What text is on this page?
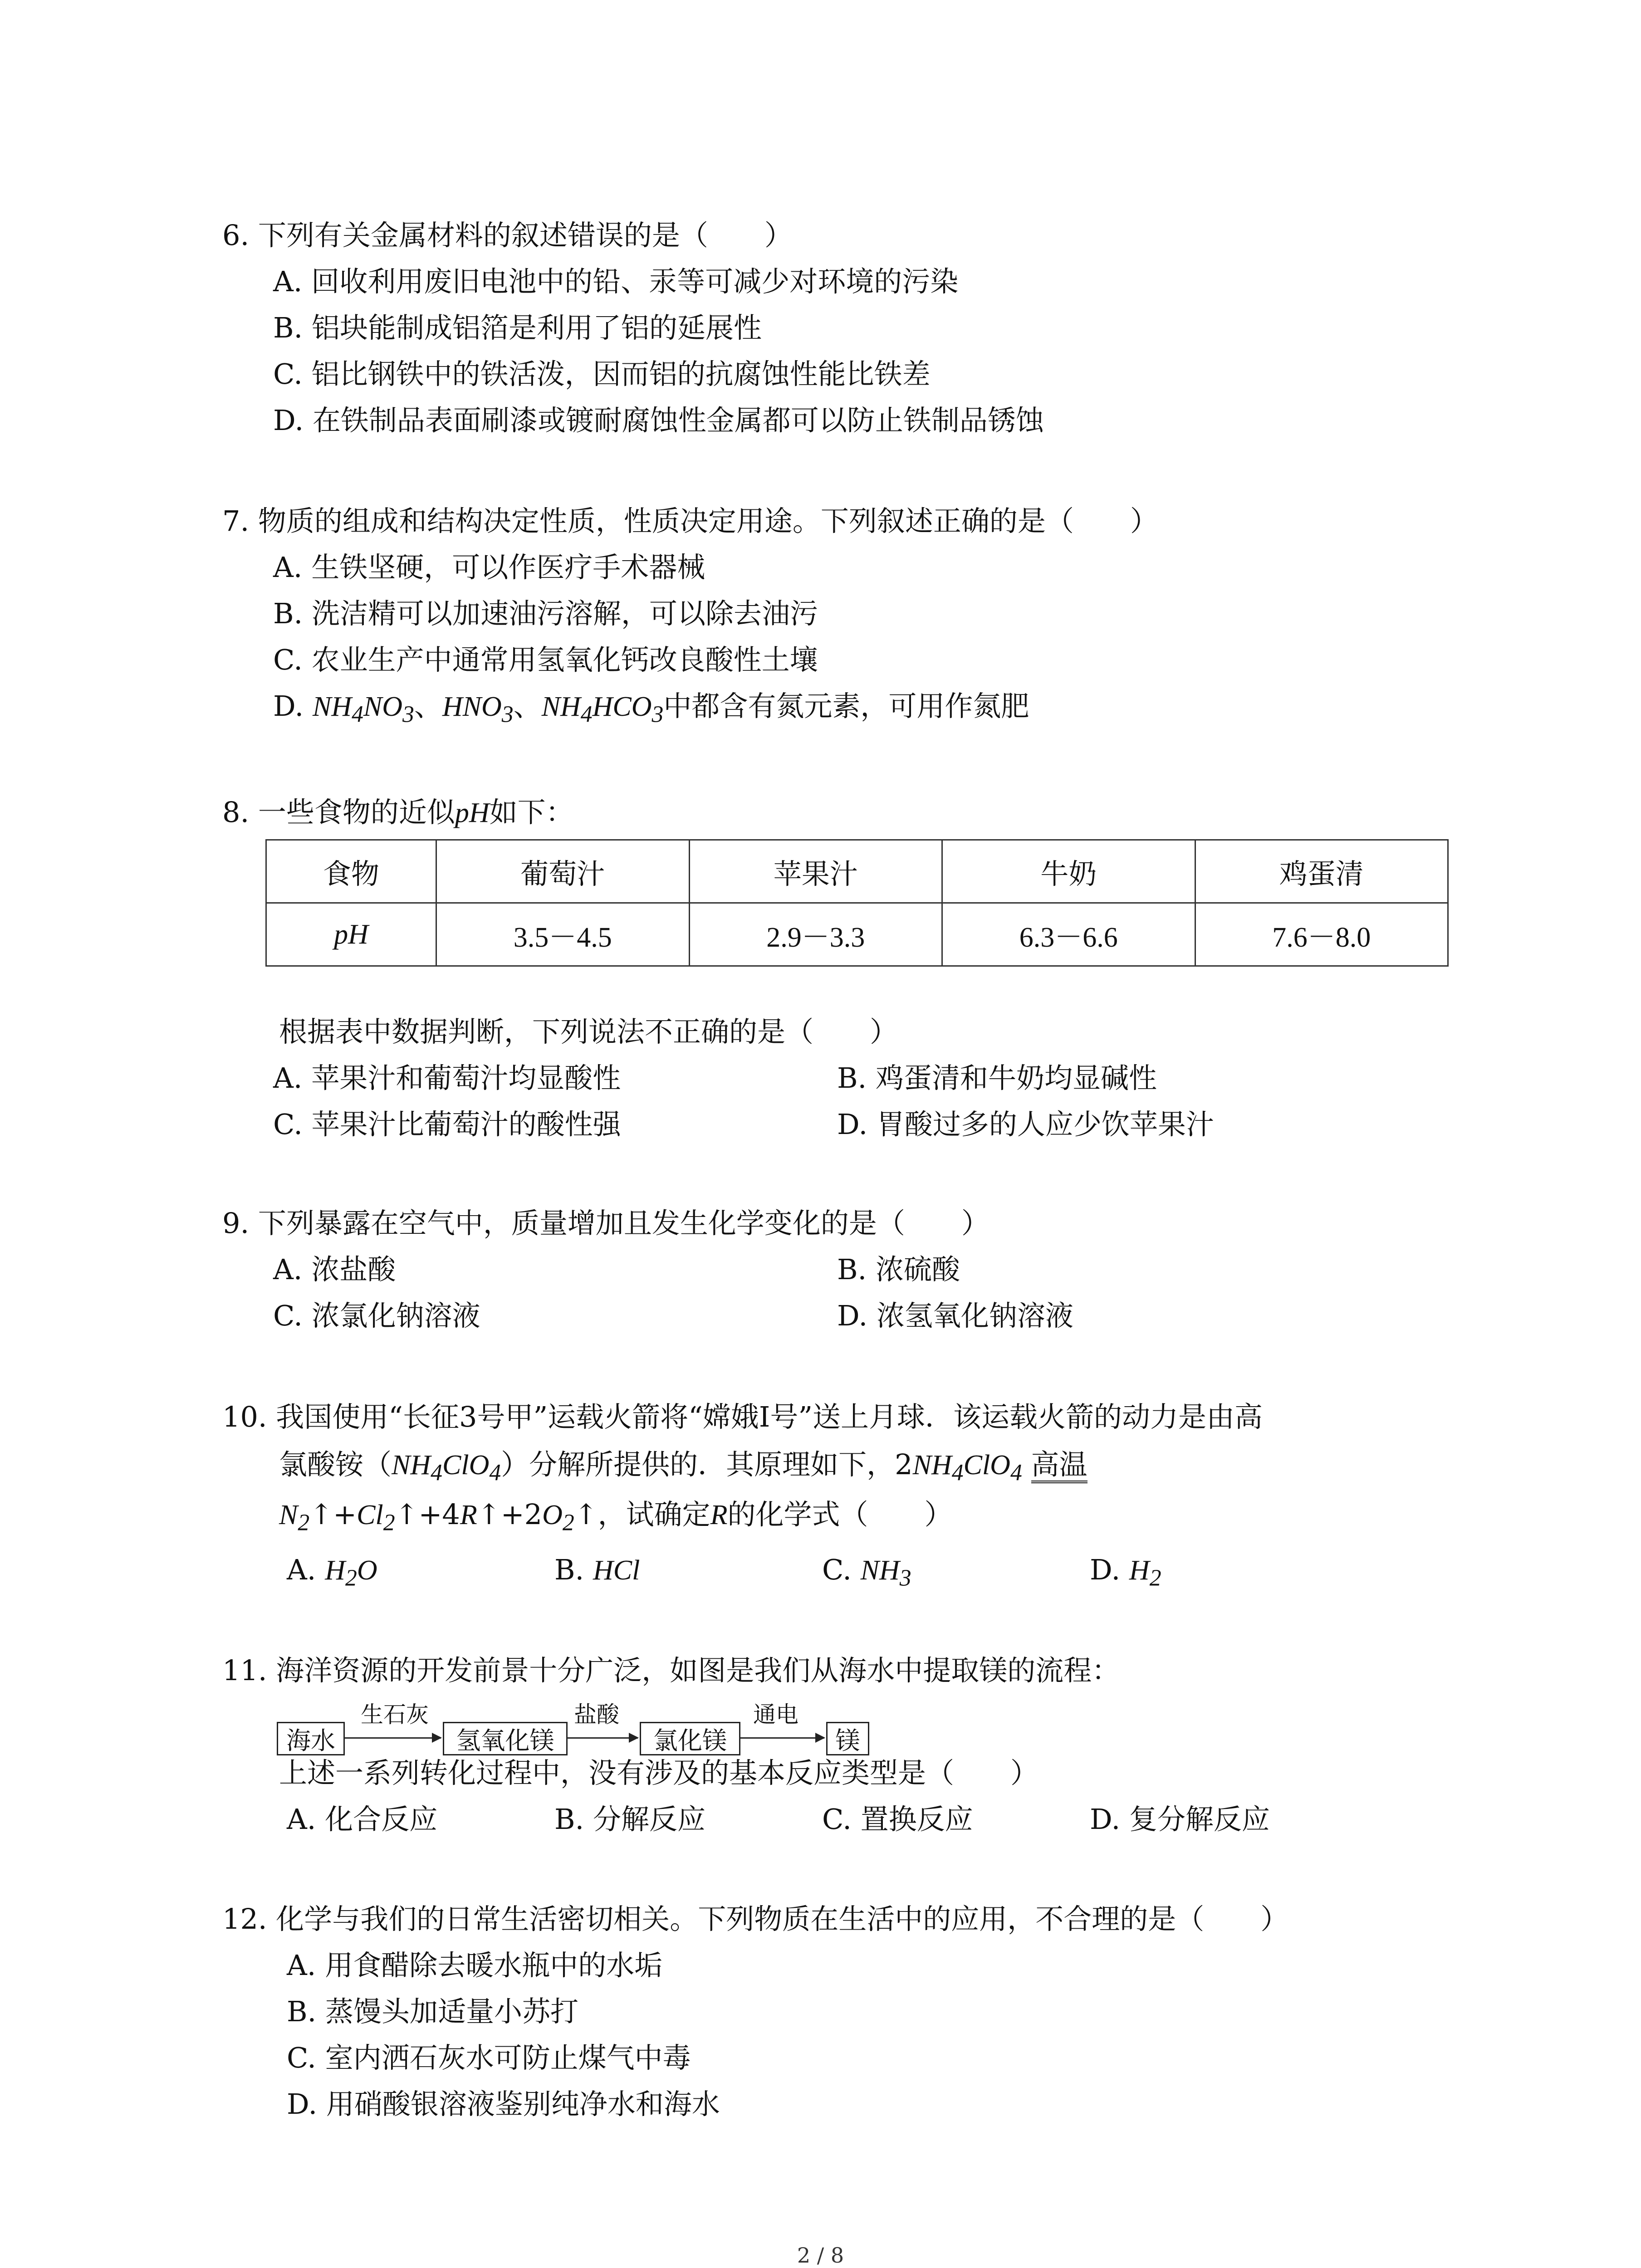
6. 下列有关金属材料的叙述错误的是（　　）
A. 回收利用废旧电池中的铅、汞等可减少对环境的污染
B. 铝块能制成铝箔是利用了铝的延展性
C. 铝比钢铁中的铁活泼，因而铝的抗腐蚀性能比铁差
D. 在铁制品表面刷漆或镀耐腐蚀性金属都可以防止铁制品锈蚀
7. 物质的组成和结构决定性质，性质决定用途。下列叙述正确的是（　　）
A. 生铁坚硬，可以作医疗手术器械
B. 洗洁精可以加速油污溶解，可以除去油污
C. 农业生产中通常用氢氧化钙改良酸性土壤
D. $NH_4NO_3$、$HNO_3$、$NH_4HCO_3$中都含有氮元素，可用作氮肥
8. 一些食物的近似pH如下：
食物	葡萄汁	苹果汁	牛奶	鸡蛋清
pH	3.5－4.5	2.9－3.3	6.3－6.6	7.6－8.0
根据表中数据判断，下列说法不正确的是（　　）
A. 苹果汁和葡萄汁均显酸性	B. 鸡蛋清和牛奶均显碱性
C. 苹果汁比葡萄汁的酸性强	D. 胃酸过多的人应少饮苹果汁
9. 下列暴露在空气中，质量增加且发生化学变化的是（　　）
A. 浓盐酸	B. 浓硫酸
C. 浓氯化钠溶液	D. 浓氢氧化钠溶液
10. 我国使用“长征3号甲”运载火箭将“嫦娥Ⅰ号”送上月球．该运载火箭的动力是由高
氯酸铵$(NH_4ClO_4)$分解所提供的．其原理如下，$2NH_4ClO_4$ 高温
$N_2↑+Cl_2↑+4R↑+2O_2↑$，试确定R的化学式（　　）
A. $H_2O$	B. HCl	C. $NH_3$	D. $H_2$
11. 海洋资源的开发前景十分广泛，如图是我们从海水中提取镁的流程：
海水
生石灰
氢氧化镁
盐酸
氯化镁
通电
镁
上述一系列转化过程中，没有涉及的基本反应类型是（　　）
A. 化合反应	B. 分解反应	C. 置换反应	D. 复分解反应
12. 化学与我们的日常生活密切相关。下列物质在生活中的应用，不合理的是（　　）
A. 用食醋除去暖水瓶中的水垢
B. 蒸馒头加适量小苏打
C. 室内洒石灰水可防止煤气中毒
D. 用硝酸银溶液鉴别纯净水和海水
2 / 8
